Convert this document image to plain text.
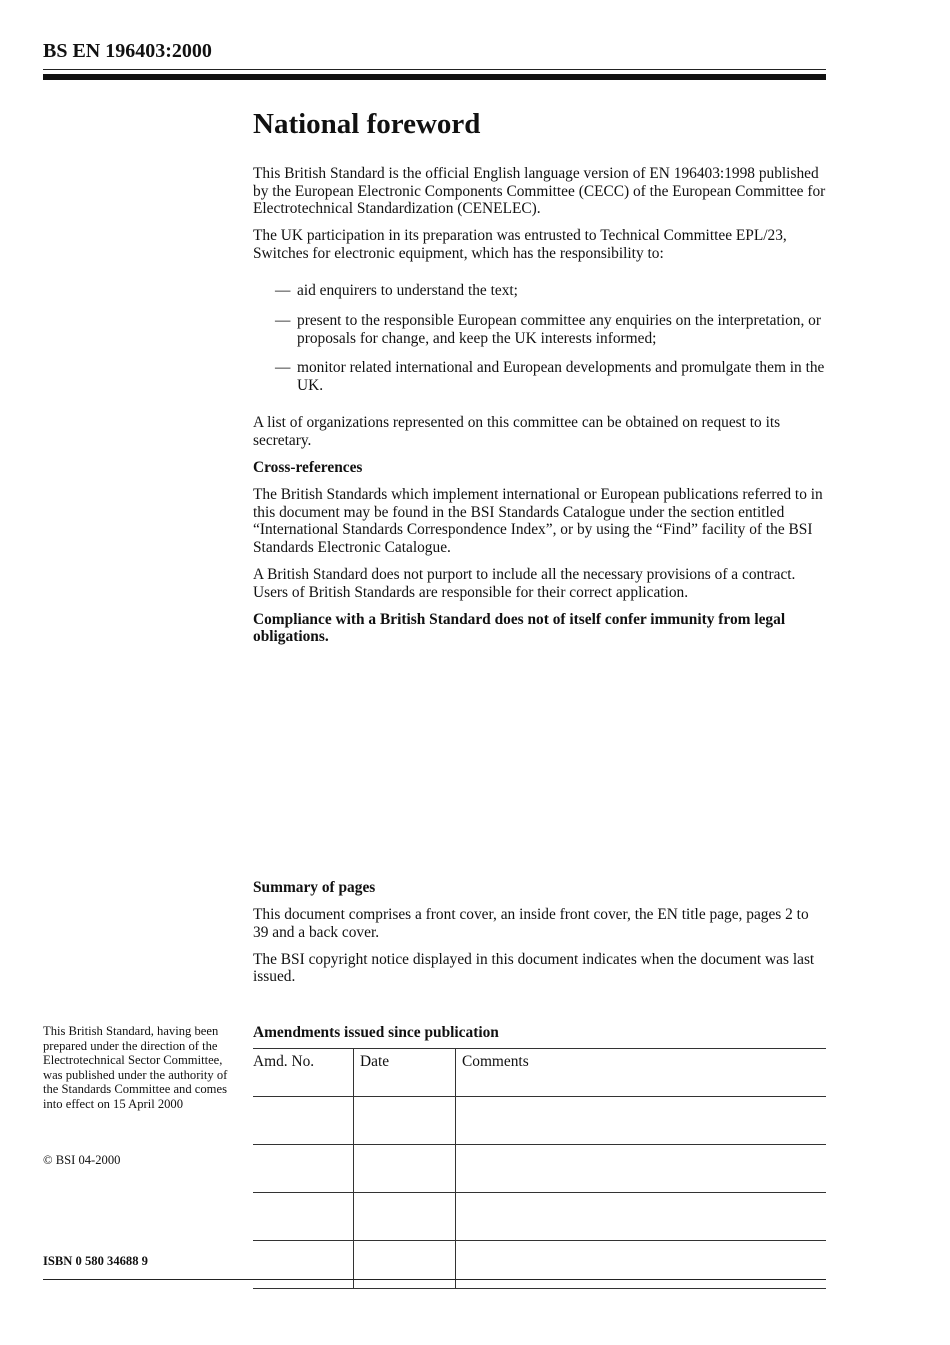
BS EN 196403:2000
National foreword

This British Standard is the official English language version of EN 196403:1998 published by the European Electronic Components Committee (CECC) of the European Committee for Electrotechnical Standardization (CENELEC).

The UK participation in its preparation was entrusted to Technical Committee EPL/23, Switches for electronic equipment, which has the responsibility to:

— aid enquirers to understand the text;
— present to the responsible European committee any enquiries on the interpretation, or proposals for change, and keep the UK interests informed;
— monitor related international and European developments and promulgate them in the UK.

A list of organizations represented on this committee can be obtained on request to its secretary.

Cross-references

The British Standards which implement international or European publications referred to in this document may be found in the BSI Standards Catalogue under the section entitled “International Standards Correspondence Index”, or by using the “Find” facility of the BSI Standards Electronic Catalogue.

A British Standard does not purport to include all the necessary provisions of a contract. Users of British Standards are responsible for their correct application.

Compliance with a British Standard does not of itself confer immunity from legal obligations.

Summary of pages

This document comprises a front cover, an inside front cover, the EN title page, pages 2 to 39 and a back cover.

The BSI copyright notice displayed in this document indicates when the document was last issued.

This British Standard, having been prepared under the direction of the Electrotechnical Sector Committee, was published under the authority of the Standards Committee and comes into effect on 15 April 2000
© BSI 04-2000
ISBN 0 580 34688 9
Amendments issued since publication
Amd. No.	Date	Comments
